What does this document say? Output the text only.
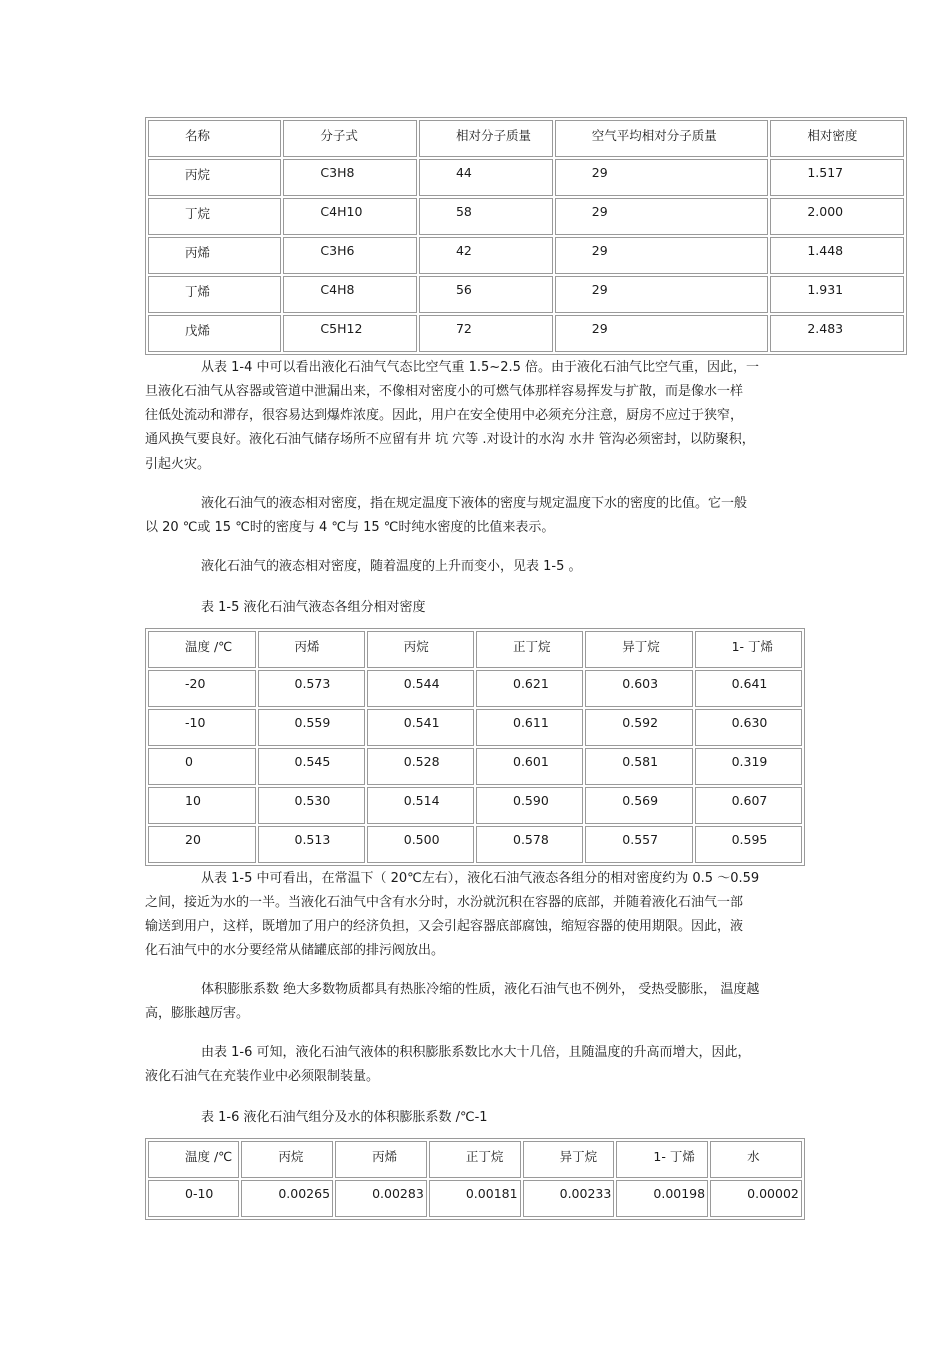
名称	分子式	相对分子质量	空气平均相对分子质量	相对密度
丙烷	C3H8	44	29	1.517
丁烷	C4H10	58	29	2.000
丙烯	C3H6	42	29	1.448
丁烯	C4H8	56	29	1.931
戊烯	C5H12	72	29	2.483

从表 1-4 中可以看出液化石油气气态比空气重 1.5~2.5 倍。由于液化石油气比空气重，因此，一

旦液化石油气从容器或管道中泄漏出来，不像相对密度小的可燃气体那样容易挥发与扩散，而是像水一样

往低处流动和滞存，很容易达到爆炸浓度。因此，用户在安全使用中必须充分注意，厨房不应过于狭窄，

通风换气要良好。液化石油气储存场所不应留有井 坑 穴等 .对设计的水沟 水井 管沟必须密封，以防聚积，

引起火灾。

液化石油气的液态相对密度，指在规定温度下液体的密度与规定温度下水的密度的比值。它一般

以 20 ℃或 15 ℃时的密度与 4 ℃与 15 ℃时纯水密度的比值来表示。

液化石油气的液态相对密度，随着温度的上升而变小，见表 1-5 。

表 1-5 液化石油气液态各组分相对密度

温度 /℃	丙烯	丙烷	正丁烷	异丁烷	1- 丁烯
-20	0.573	0.544	0.621	0.603	0.641
-10	0.559	0.541	0.611	0.592	0.630
0	0.545	0.528	0.601	0.581	0.319
10	0.530	0.514	0.590	0.569	0.607
20	0.513	0.500	0.578	0.557	0.595

从表 1-5 中可看出，在常温下（ 20℃左右），液化石油气液态各组分的相对密度约为 0.5 ～0.59

之间，接近为水的一半。当液化石油气中含有水分时，水汾就沉积在容器的底部，并随着液化石油气一部

输送到用户，这样，既增加了用户的经济负担，又会引起容器底部腐蚀，缩短容器的使用期限。因此，液

化石油气中的水分要经常从储罐底部的排污阀放出。

体积膨胀系数 绝大多数物质都具有热胀冷缩的性质，液化石油气也不例外， 受热受膨胀， 温度越

高，膨胀越厉害。

由表 1-6 可知，液化石油气液体的积积膨胀系数比水大十几倍，且随温度的升高而增大，因此，

液化石油气在充装作业中必须限制装量。

表 1-6 液化石油气组分及水的体积膨胀系数 /℃-1

温度 /℃	丙烷	丙烯	正丁烷	异丁烷	1- 丁烯	水
0-10	0.00265	0.00283	0.00181	0.00233	0.00198	0.00002
